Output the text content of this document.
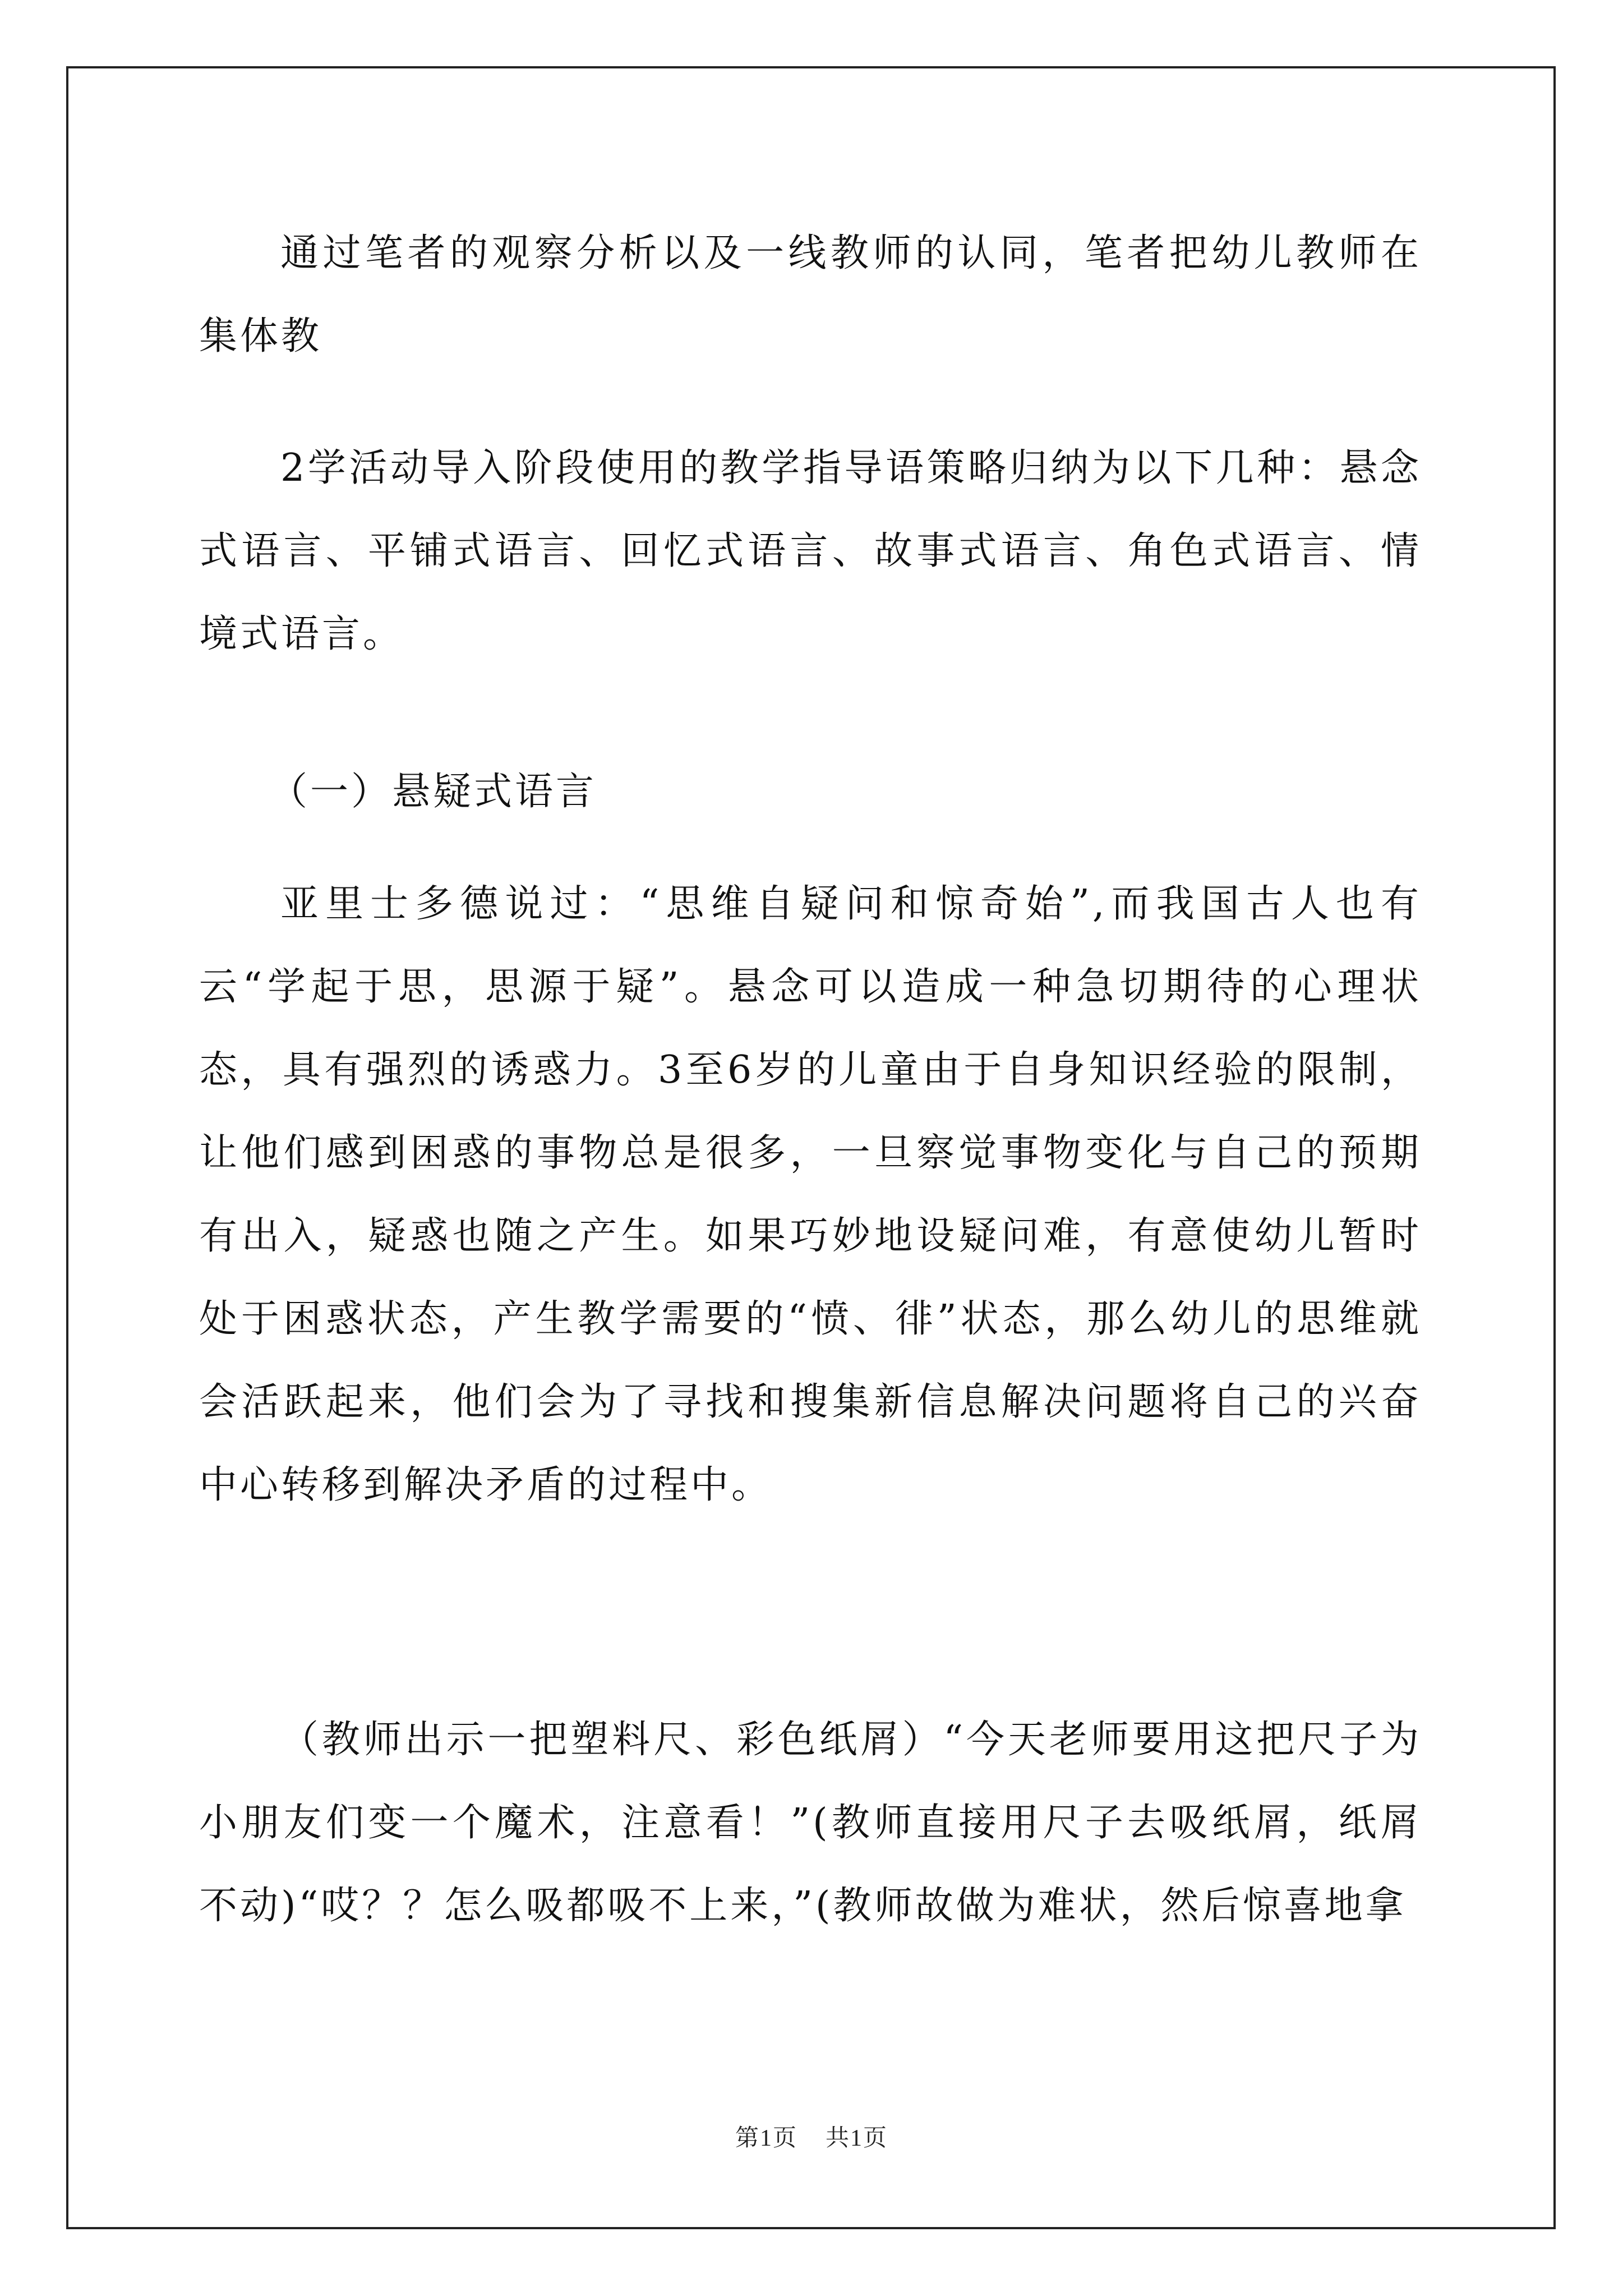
通过笔者的观察分析以及一线教师的认同，笔者把幼儿教师在集体教

2学活动导入阶段使用的教学指导语策略归纳为以下几种：悬念式语言、平铺式语言、回忆式语言、故事式语言、角色式语言、情境式语言。

（一）悬疑式语言

亚里士多德说过：“思维自疑问和惊奇始”,而我国古人也有云“学起于思，思源于疑”。悬念可以造成一种急切期待的心理状态，具有强烈的诱惑力。3至6岁的儿童由于自身知识经验的限制，让他们感到困惑的事物总是很多，一旦察觉事物变化与自己的预期有出入，疑惑也随之产生。如果巧妙地设疑问难，有意使幼儿暂时处于困惑状态，产生教学需要的“愤、徘”状态，那么幼儿的思维就会活跃起来，他们会为了寻找和搜集新信息解决问题将自己的兴奋中心转移到解决矛盾的过程中。

（教师出示一把塑料尺、彩色纸屑）“今天老师要用这把尺子为小朋友们变一个魔术，注意看！”(教师直接用尺子去吸纸屑，纸屑不动)“哎？？怎么吸都吸不上来，”(教师故做为难状，然后惊喜地拿

第1页 共1页
